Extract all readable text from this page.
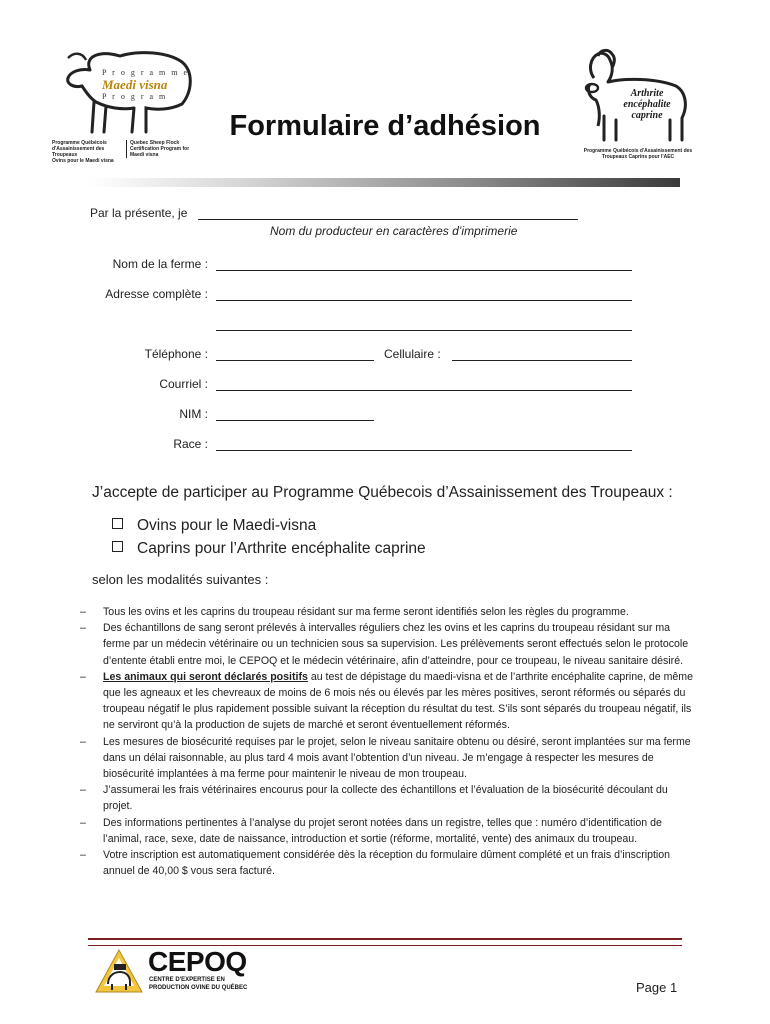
P r o g r a m m e
Maedi visna
P r o g r a m
Programme Québécois
d'Assainissement des Troupeaux
Ovins pour le Maedi visna
Quebec Sheep Flock
Certification Program for
Maedi visna
Formulaire d’adhésion
Arthrite
encéphalite
caprine
Programme Québécois d'Assainissement des
Troupeaux Caprins pour l'AEC
Par la présente, je
Nom du producteur en caractères d’imprimerie
Nom de la ferme :
Adresse complète :
Téléphone :	Cellulaire :
Courriel :
NIM :
Race :
J’accepte de participer au Programme Québecois d’Assainissement des Troupeaux :
Ovins pour le Maedi-visna
Caprins pour l’Arthrite encéphalite caprine
selon les modalités suivantes :
– Tous les ovins et les caprins du troupeau résidant sur ma ferme seront identifiés selon les règles du programme.
– Des échantillons de sang seront prélevés à intervalles réguliers chez les ovins et les caprins du troupeau résidant sur ma ferme par un médecin vétérinaire ou un technicien sous sa supervision. Les prélèvements seront effectués selon le protocole d’entente établi entre moi, le CEPOQ et le médecin vétérinaire, afin d’atteindre, pour ce troupeau, le niveau sanitaire désiré.
– Les animaux qui seront déclarés positifs au test de dépistage du maedi-visna et de l’arthrite encéphalite caprine, de même que les agneaux et les chevreaux de moins de 6 mois nés ou élevés par les mères positives, seront réformés ou séparés du troupeau négatif le plus rapidement possible suivant la réception du résultat du test. S’ils sont séparés du troupeau négatif, ils ne serviront qu’à la production de sujets de marché et seront éventuellement réformés.
– Les mesures de biosécurité requises par le projet, selon le niveau sanitaire obtenu ou désiré, seront implantées sur ma ferme dans un délai raisonnable, au plus tard 4 mois avant l’obtention d’un niveau. Je m’engage à respecter les mesures de biosécurité implantées à ma ferme pour maintenir le niveau de mon troupeau.
– J’assumerai les frais vétérinaires encourus pour la collecte des échantillons et l’évaluation de la biosécurité découlant du projet.
– Des informations pertinentes à l’analyse du projet seront notées dans un registre, telles que : numéro d’identification de l’animal, race, sexe, date de naissance, introduction et sortie (réforme, mortalité, vente) des animaux du troupeau.
– Votre inscription est automatiquement considérée dès la réception du formulaire dûment complété et un frais d’inscription annuel de 40,00 $ vous sera facturé.
CEPOQ
CENTRE D'EXPERTISE EN
PRODUCTION OVINE DU QUÉBEC	Page 1
